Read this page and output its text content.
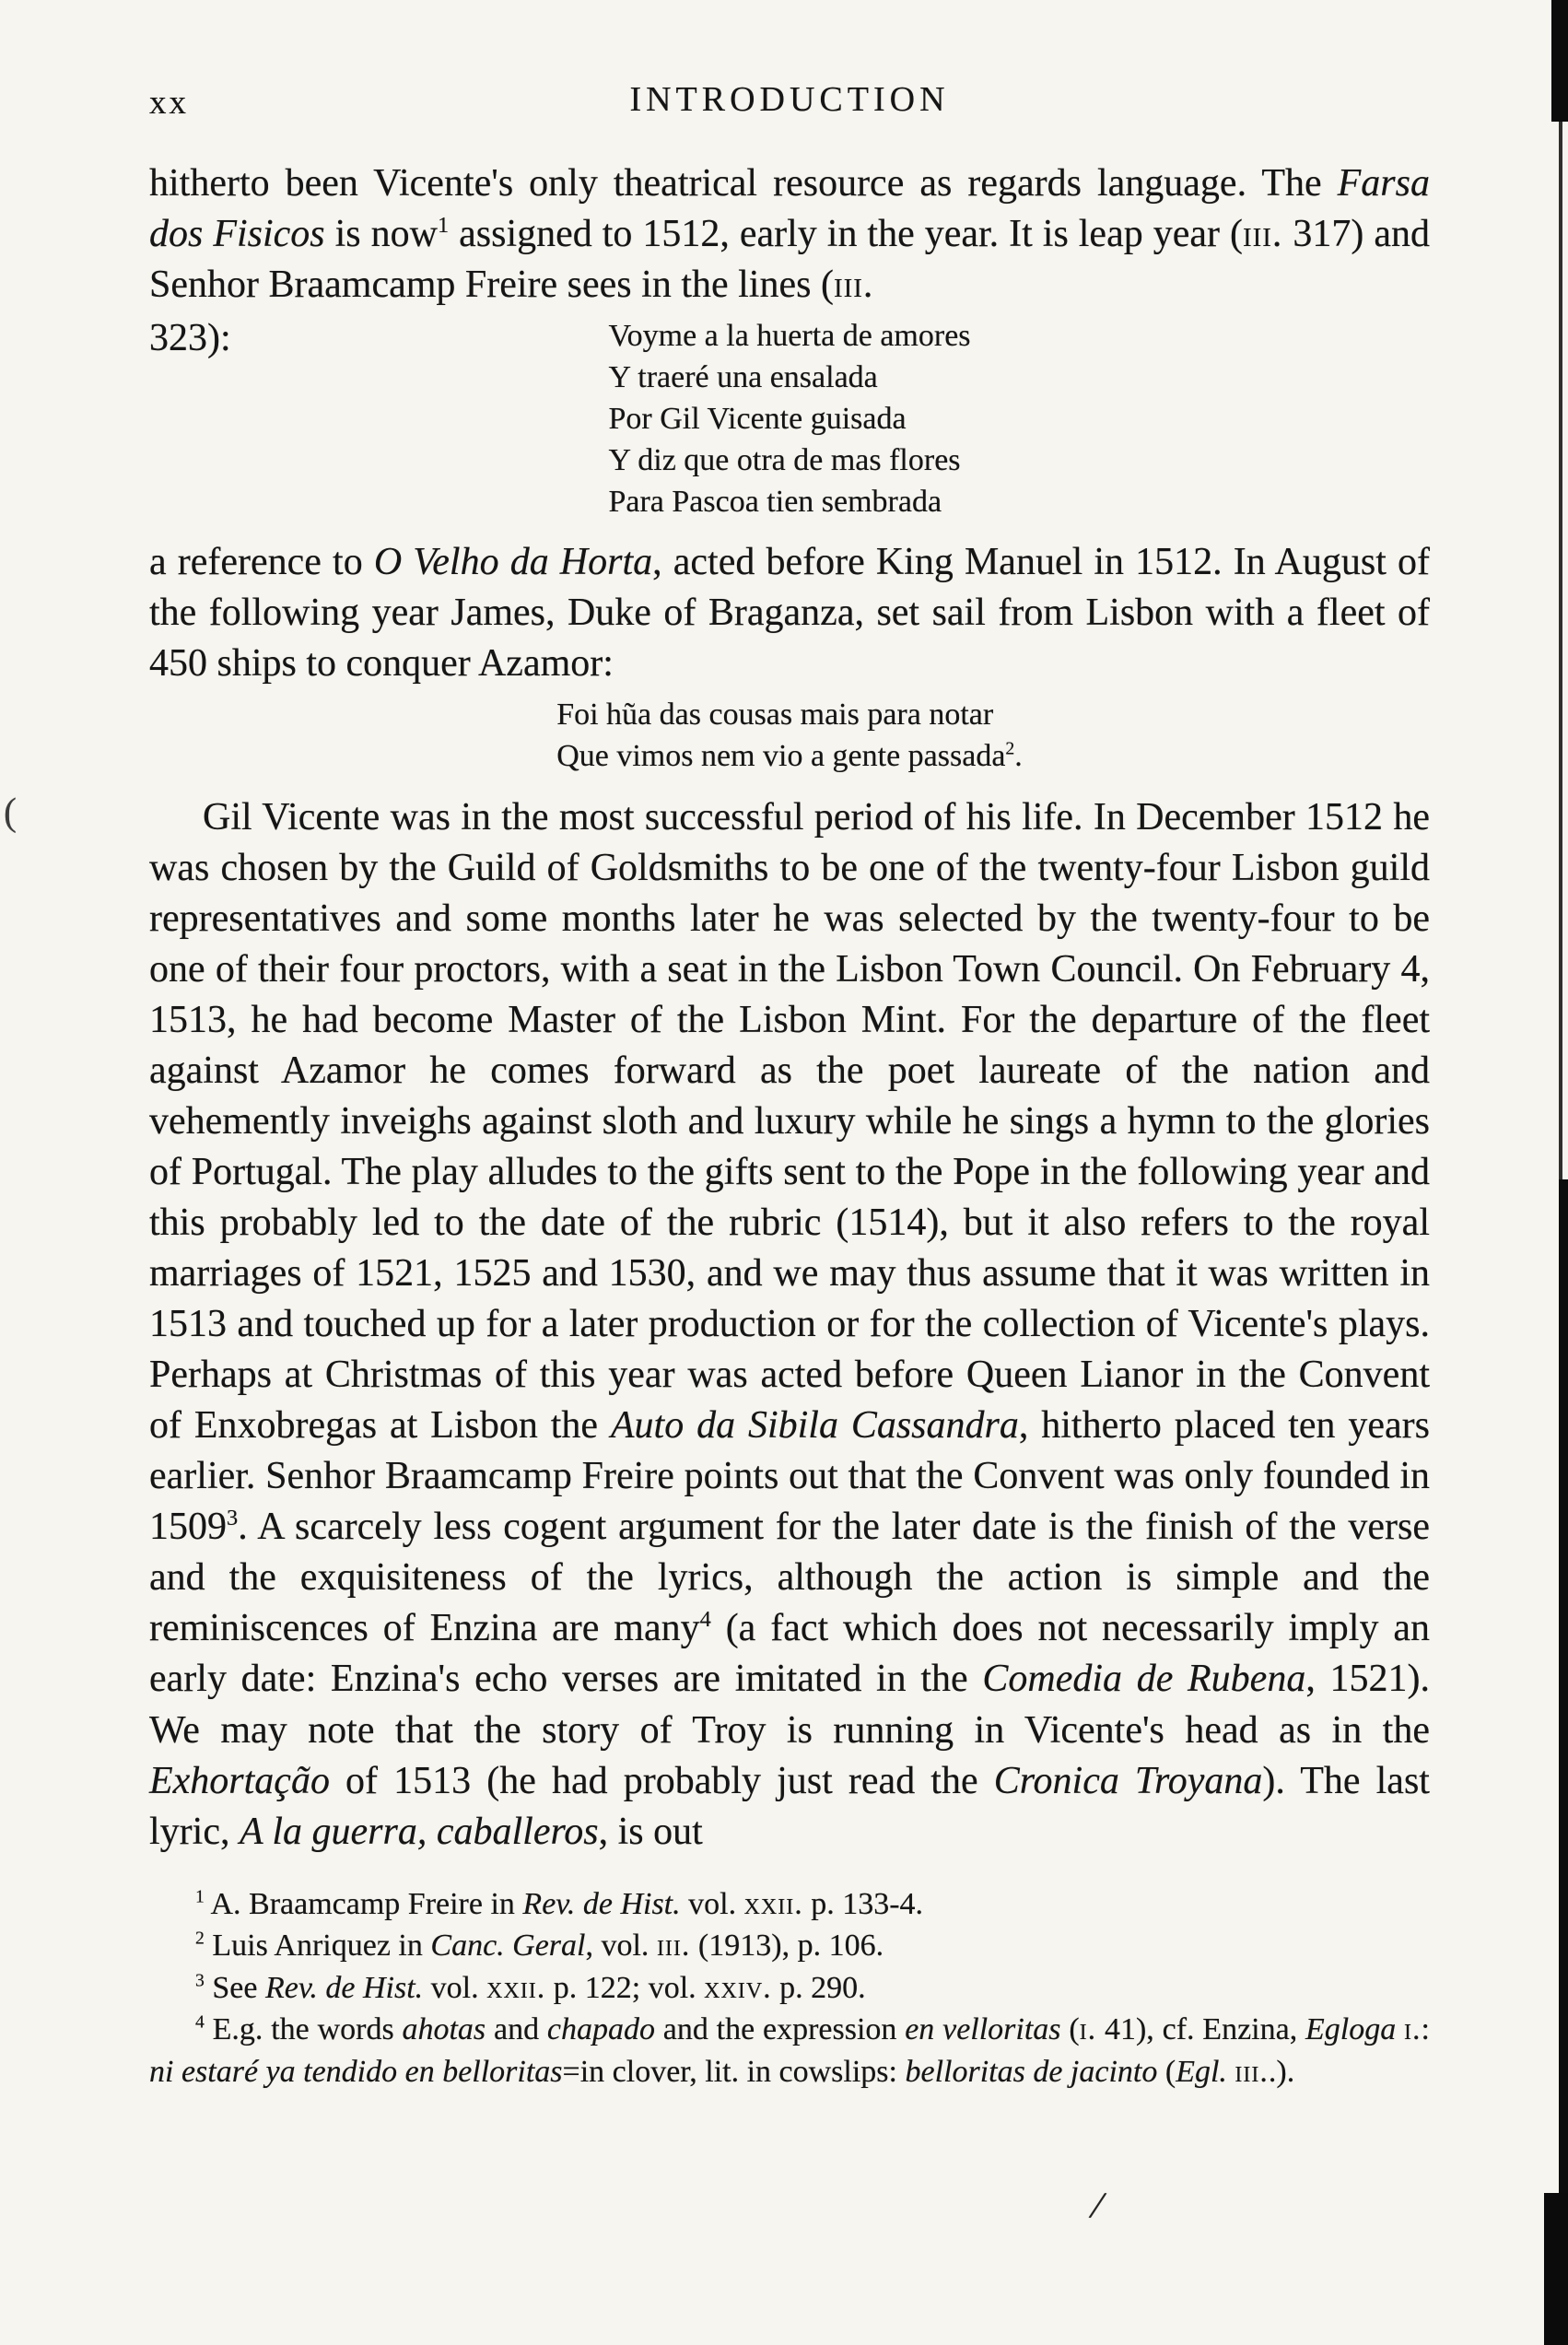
xx	INTRODUCTION

hitherto been Vicente's only theatrical resource as regards language. The Farsa dos Fisicos is now$^1$ assigned to 1512, early in the year. It is leap year (iii. 317) and Senhor Braamcamp Freire sees in the lines (iii.

323):	Voyme a la huerta de amores
Y traeré una ensalada
Por Gil Vicente guisada
Y diz que otra de mas flores
Para Pascoa tien sembrada

a reference to O Velho da Horta, acted before King Manuel in 1512. In August of the following year James, Duke of Braganza, set sail from Lisbon with a fleet of 450 ships to conquer Azamor:

Foi hũa das cousas mais para notar
Que vimos nem vio a gente passada$^2$.

Gil Vicente was in the most successful period of his life. In December 1512 he was chosen by the Guild of Goldsmiths to be one of the twenty-four Lisbon guild representatives and some months later he was selected by the twenty-four to be one of their four proctors, with a seat in the Lisbon Town Council. On February 4, 1513, he had become Master of the Lisbon Mint. For the departure of the fleet against Azamor he comes forward as the poet laureate of the nation and vehemently inveighs against sloth and luxury while he sings a hymn to the glories of Portugal. The play alludes to the gifts sent to the Pope in the following year and this probably led to the date of the rubric (1514), but it also refers to the royal marriages of 1521, 1525 and 1530, and we may thus assume that it was written in 1513 and touched up for a later production or for the collection of Vicente's plays. Perhaps at Christmas of this year was acted before Queen Lianor in the Convent of Enxobregas at Lisbon the Auto da Sibila Cassandra, hitherto placed ten years earlier. Senhor Braamcamp Freire points out that the Convent was only founded in 1509$^3$. A scarcely less cogent argument for the later date is the finish of the verse and the exquisiteness of the lyrics, although the action is simple and the reminiscences of Enzina are many$^4$ (a fact which does not necessarily imply an early date: Enzina's echo verses are imitated in the Comedia de Rubena, 1521). We may note that the story of Troy is running in Vicente's head as in the Exhortação of 1513 (he had probably just read the Cronica Troyana). The last lyric, A la guerra, caballeros, is out

$^1$ A. Braamcamp Freire in Rev. de Hist. vol. xxii. p. 133-4.

$^2$ Luis Anriquez in Canc. Geral, vol. iii. (1913), p. 106.

$^3$ See Rev. de Hist. vol. xxii. p. 122; vol. xxiv. p. 290.

$^4$ E.g. the words ahotas and chapado and the expression en velloritas (i. 41), cf. Enzina, Egloga i.: ni estaré ya tendido en belloritas=in clover, lit. in cowslips: belloritas de jacinto (Egl. iii..).

(
/
